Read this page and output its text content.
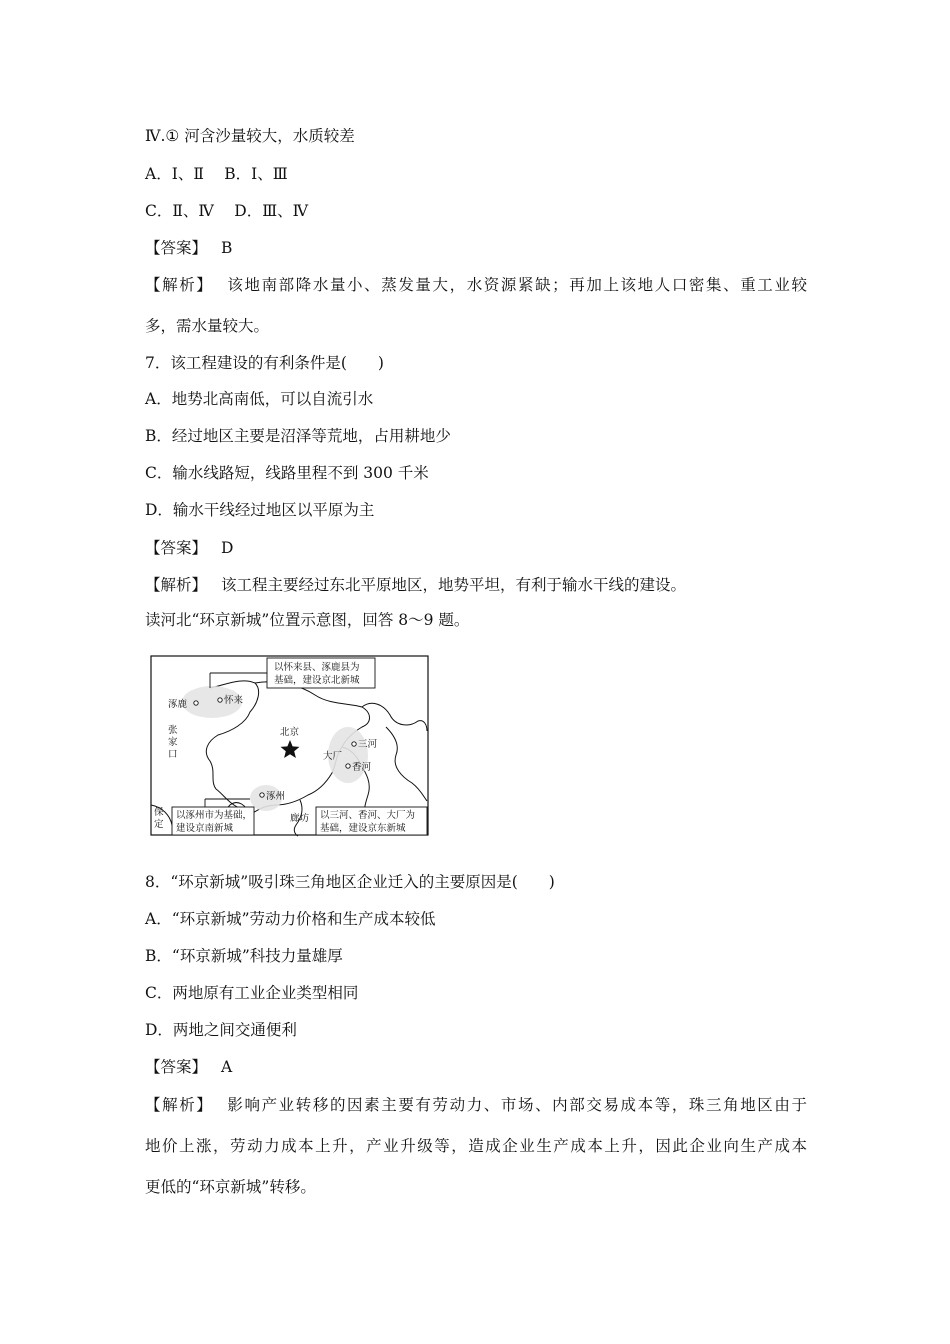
Ⅳ.① 河含沙量较大，水质较差
A．Ⅰ、Ⅱ　 B．Ⅰ、Ⅲ
C．Ⅱ、Ⅳ　 D．Ⅲ、Ⅳ
【答案】 B
【解析】 该地南部降水量小、蒸发量大，水资源紧缺；再加上该地人口密集、重工业较
多，需水量较大。
7．该工程建设的有利条件是(　　)
A．地势北高南低，可以自流引水
B．经过地区主要是沼泽等荒地，占用耕地少
C．输水线路短，线路里程不到 300 千米
D．输水干线经过地区以平原为主
【答案】 D
【解析】 该工程主要经过东北平原地区，地势平坦，有利于输水干线的建设。
读河北“环京新城”位置示意图，回答 8～9 题。
以怀来县、涿鹿县为
基础，建设京北新城
以涿州市为基础，
建设京南新城
以三河、香河、大厂为
基础，建设京东新城
涿鹿	怀来
张
家
口
北京
三河
大厂
香河
涿州
保
定
廊坊
8．“环京新城”吸引珠三角地区企业迁入的主要原因是(　　)
A．“环京新城”劳动力价格和生产成本较低
B．“环京新城”科技力量雄厚
C．两地原有工业企业类型相同
D．两地之间交通便利
【答案】 A
【解析】 影响产业转移的因素主要有劳动力、市场、内部交易成本等，珠三角地区由于
地价上涨，劳动力成本上升，产业升级等，造成企业生产成本上升，因此企业向生产成本
更低的“环京新城”转移。
